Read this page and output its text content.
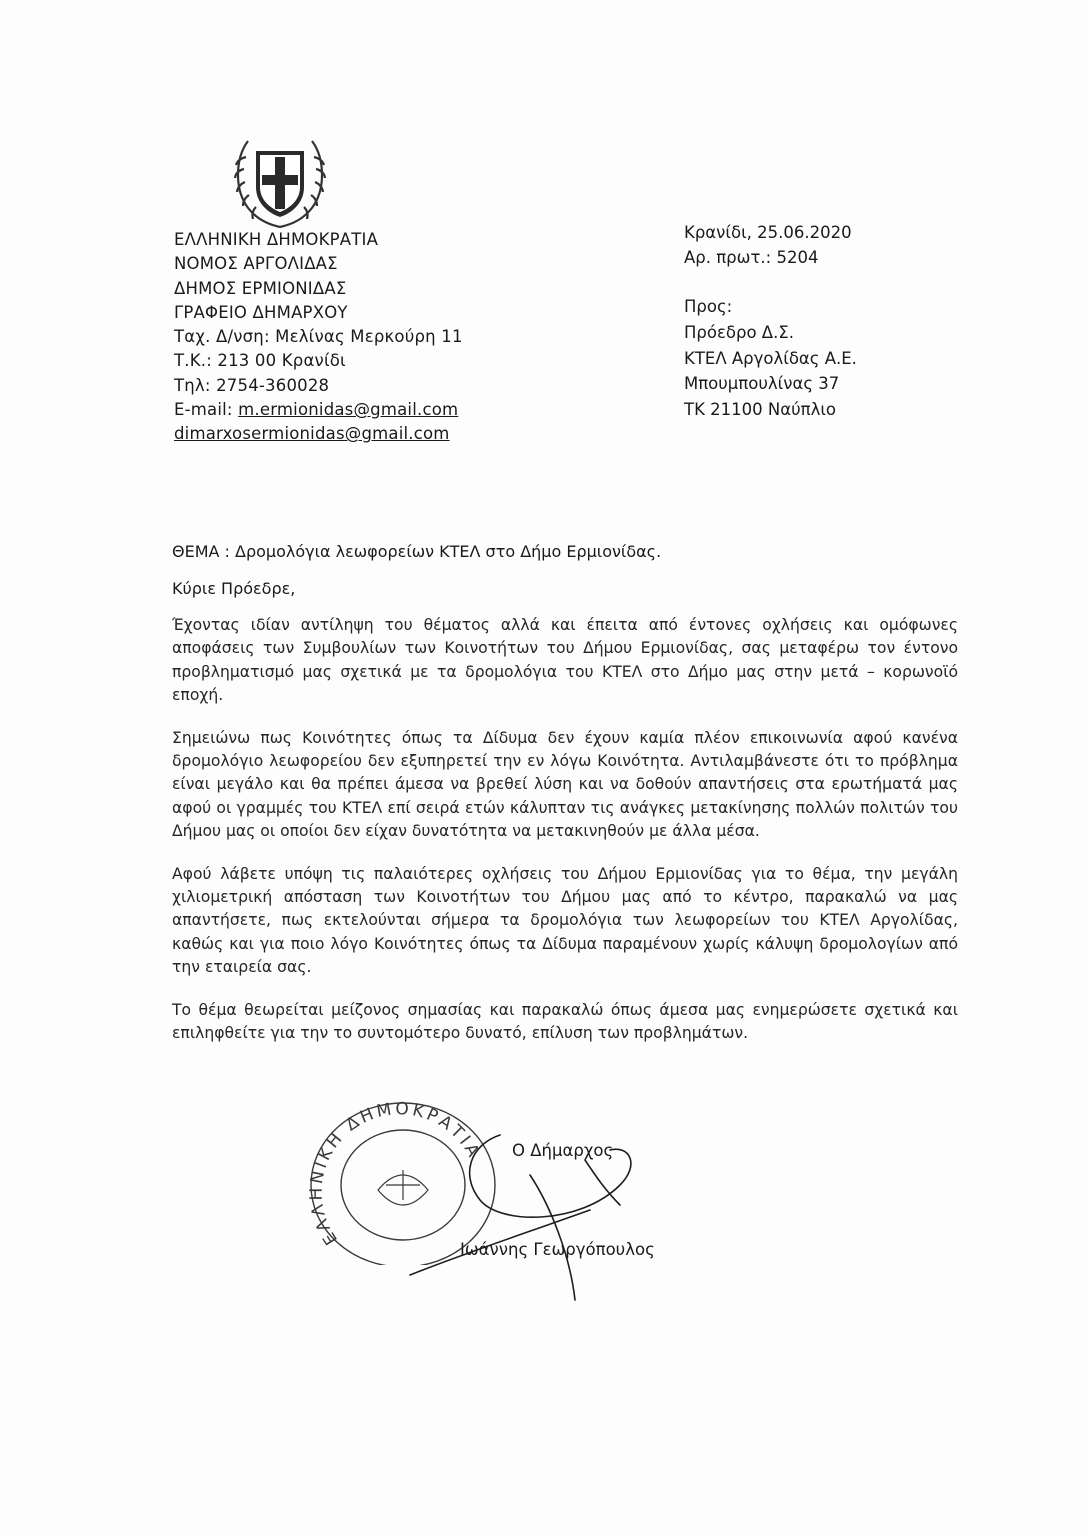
ΕΛΛΗΝΙΚΗ ΔΗΜΟΚΡΑΤΙΑ
ΝΟΜΟΣ ΑΡΓΟΛΙΔΑΣ
ΔΗΜΟΣ ΕΡΜΙΟΝΙΔΑΣ
ΓΡΑΦΕΙΟ ΔΗΜΑΡΧΟΥ
Ταχ. Δ/νση: Μελίνας Μερκούρη 11
Τ.Κ.: 213 00 Κρανίδι
Τηλ: 2754-360028
E-mail: m.ermionidas@gmail.com
dimarxosermionidas@gmail.com
Κρανίδι, 25.06.2020
Αρ. πρωτ.: 5204
Προς:
Πρόεδρο Δ.Σ.
ΚΤΕΛ Αργολίδας Α.Ε.
Μπουμπουλίνας 37
ΤΚ 21100 Ναύπλιο
ΘΕΜΑ : Δρομολόγια λεωφορείων ΚΤΕΛ στο Δήμο Ερμιονίδας.
Κύριε Πρόεδρε,

Έχοντας ιδίαν αντίληψη του θέματος αλλά και έπειτα από έντονες οχλήσεις και ομόφωνες αποφάσεις των Συμβουλίων των Κοινοτήτων του Δήμου Ερμιονίδας, σας μεταφέρω τον έντονο προβληματισμό μας σχετικά με τα δρομολόγια του ΚΤΕΛ στο Δήμο μας στην μετά – κορωνοϊό εποχή.

Σημειώνω πως Κοινότητες όπως τα Δίδυμα δεν έχουν καμία πλέον επικοινωνία αφού κανένα δρομολόγιο λεωφορείου δεν εξυπηρετεί την εν λόγω Κοινότητα. Αντιλαμβάνεστε ότι το πρόβλημα είναι μεγάλο και θα πρέπει άμεσα να βρεθεί λύση και να δοθούν απαντήσεις στα ερωτήματά μας αφού οι γραμμές του ΚΤΕΛ επί σειρά ετών κάλυπταν τις ανάγκες μετακίνησης πολλών πολιτών του Δήμου μας οι οποίοι δεν είχαν δυνατότητα να μετακινηθούν με άλλα μέσα.

Αφού λάβετε υπόψη τις παλαιότερες οχλήσεις του Δήμου Ερμιονίδας για το θέμα, την μεγάλη χιλιομετρική απόσταση των Κοινοτήτων του Δήμου μας από το κέντρο, παρακαλώ να μας απαντήσετε, πως εκτελούνται σήμερα τα δρομολόγια των λεωφορείων του ΚΤΕΛ Αργολίδας, καθώς και για ποιο λόγο Κοινότητες όπως τα Δίδυμα παραμένουν χωρίς κάλυψη δρομολογίων από την εταιρεία σας.

Το θέμα θεωρείται μείζονος σημασίας και παρακαλώ όπως άμεσα μας ενημερώσετε σχετικά και επιληφθείτε για την το συντομότερο δυνατό, επίλυση των προβλημάτων.

ΕΛΛΗΝΙΚΗ ΔΗΜΟΚΡΑΤΙΑ Ο Δήμαρχος
Ιωάννης Γεωργόπουλος
